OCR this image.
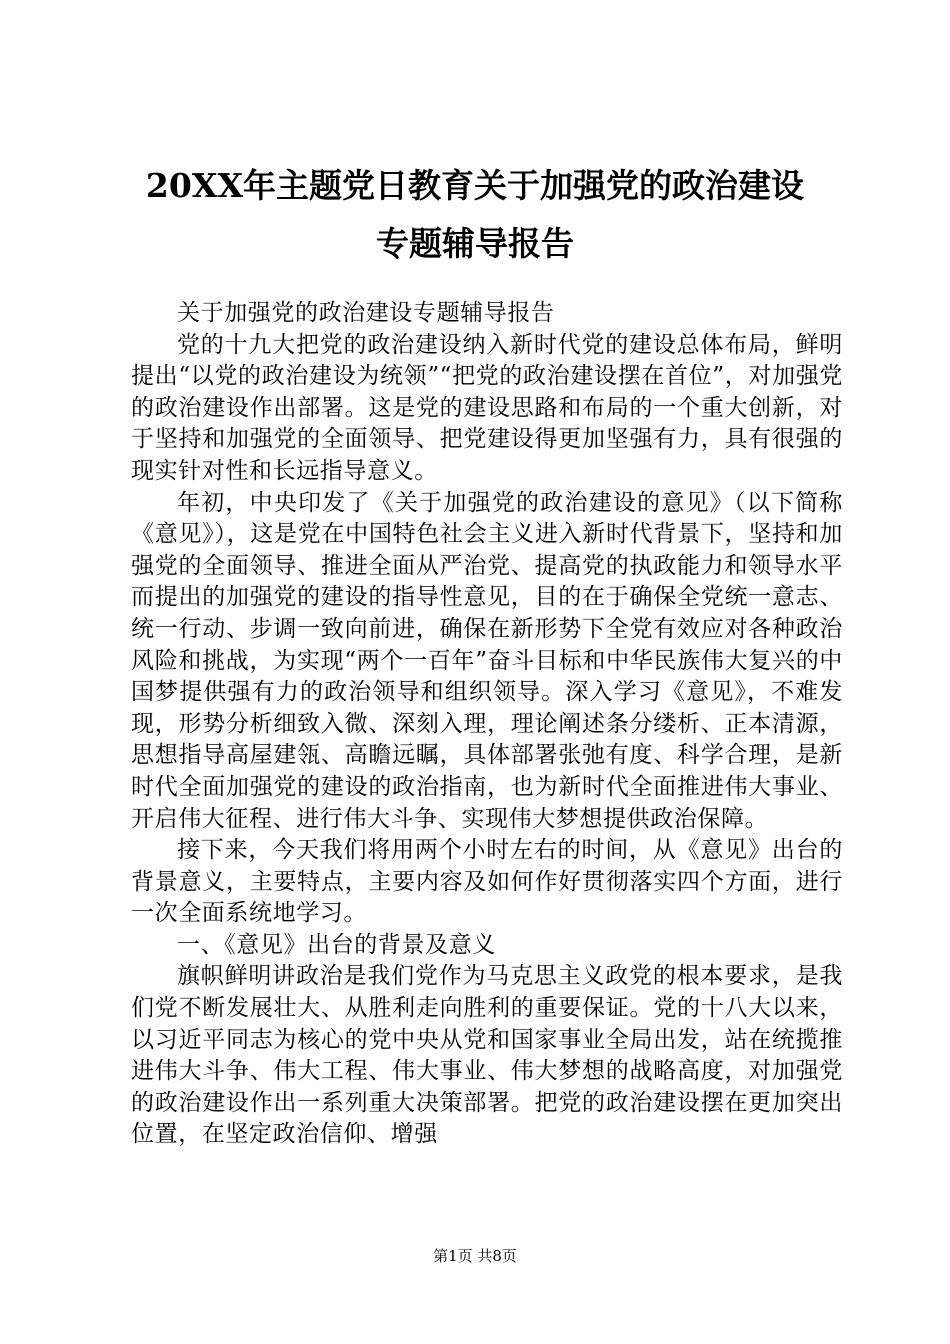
20XX年主题党日教育关于加强党的政治建设
专题辅导报告

关于加强党的政治建设专题辅导报告

党的十九大把党的政治建设纳入新时代党的建设总体布局，鲜明提出“以党的政治建设为统领”“把党的政治建设摆在首位”，对加强党的政治建设作出部署。这是党的建设思路和布局的一个重大创新，对于坚持和加强党的全面领导、把党建设得更加坚强有力，具有很强的现实针对性和长远指导意义。

年初，中央印发了《关于加强党的政治建设的意见》（以下简称《意见》），这是党在中国特色社会主义进入新时代背景下，坚持和加强党的全面领导、推进全面从严治党、提高党的执政能力和领导水平而提出的加强党的建设的指导性意见，目的在于确保全党统一意志、统一行动、步调一致向前进，确保在新形势下全党有效应对各种政治风险和挑战，为实现“两个一百年”奋斗目标和中华民族伟大复兴的中国梦提供强有力的政治领导和组织领导。深入学习《意见》，不难发现，形势分析细致入微、深刻入理，理论阐述条分缕析、正本清源，思想指导高屋建瓴、高瞻远瞩，具体部署张弛有度、科学合理，是新时代全面加强党的建设的政治指南，也为新时代全面推进伟大事业、开启伟大征程、进行伟大斗争、实现伟大梦想提供政治保障。

接下来，今天我们将用两个小时左右的时间，从《意见》出台的背景意义，主要特点，主要内容及如何作好贯彻落实四个方面，进行一次全面系统地学习。

一、《意见》出台的背景及意义

旗帜鲜明讲政治是我们党作为马克思主义政党的根本要求，是我们党不断发展壮大、从胜利走向胜利的重要保证。党的十八大以来，以习近平同志为核心的党中央从党和国家事业全局出发，站在统揽推进伟大斗争、伟大工程、伟大事业、伟大梦想的战略高度，对加强党的政治建设作出一系列重大决策部署。把党的政治建设摆在更加突出位置，在坚定政治信仰、增强

第1页 共8页
